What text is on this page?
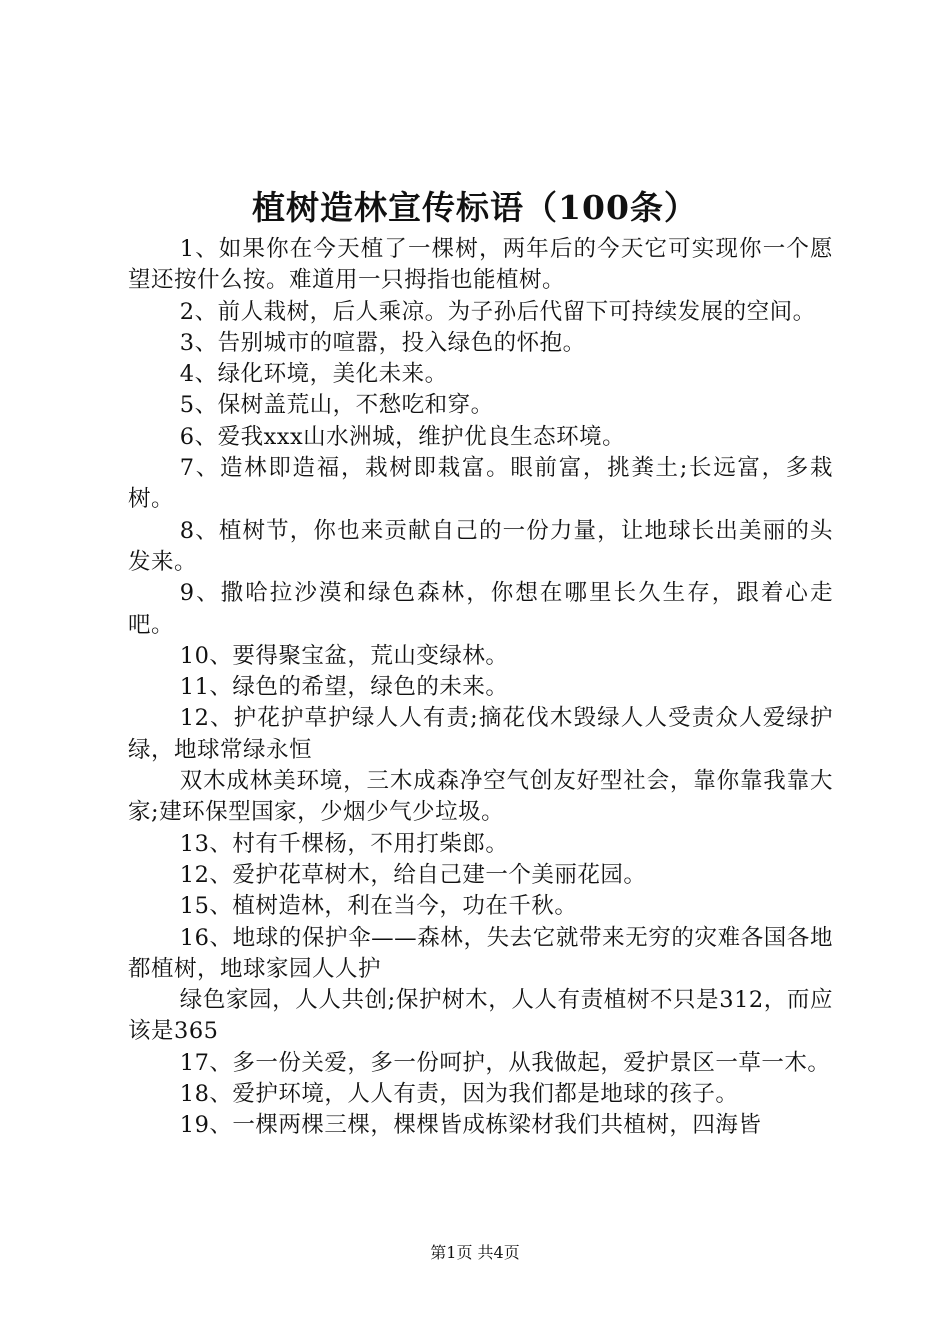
植树造林宣传标语（100条）

1、如果你在今天植了一棵树，两年后的今天它可实现你一个愿望还按什么按。难道用一只拇指也能植树。

2、前人栽树，后人乘凉。为子孙后代留下可持续发展的空间。

3、告别城市的喧嚣，投入绿色的怀抱。

4、绿化环境，美化未来。

5、保树盖荒山，不愁吃和穿。

6、爱我xxx山水洲城，维护优良生态环境。

7、造林即造福，栽树即栽富。眼前富，挑粪土;长远富，多栽树。

8、植树节，你也来贡献自己的一份力量，让地球长出美丽的头发来。

9、撒哈拉沙漠和绿色森林，你想在哪里长久生存，跟着心走吧。

10、要得聚宝盆，荒山变绿林。

11、绿色的希望，绿色的未来。

12、护花护草护绿人人有责;摘花伐木毁绿人人受责众人爱绿护绿，地球常绿永恒

双木成林美环境，三木成森净空气创友好型社会，靠你靠我靠大家;建环保型国家，少烟少气少垃圾。

13、村有千棵杨，不用打柴郎。

12、爱护花草树木，给自己建一个美丽花园。

15、植树造林，利在当今，功在千秋。

16、地球的保护伞——森林，失去它就带来无穷的灾难各国各地都植树，地球家园人人护

绿色家园，人人共创;保护树木，人人有责植树不只是312，而应该是365

17、多一份关爱，多一份呵护，从我做起，爱护景区一草一木。

18、爱护环境，人人有责，因为我们都是地球的孩子。

19、一棵两棵三棵，棵棵皆成栋梁材我们共植树，四海皆

第1页 共4页
